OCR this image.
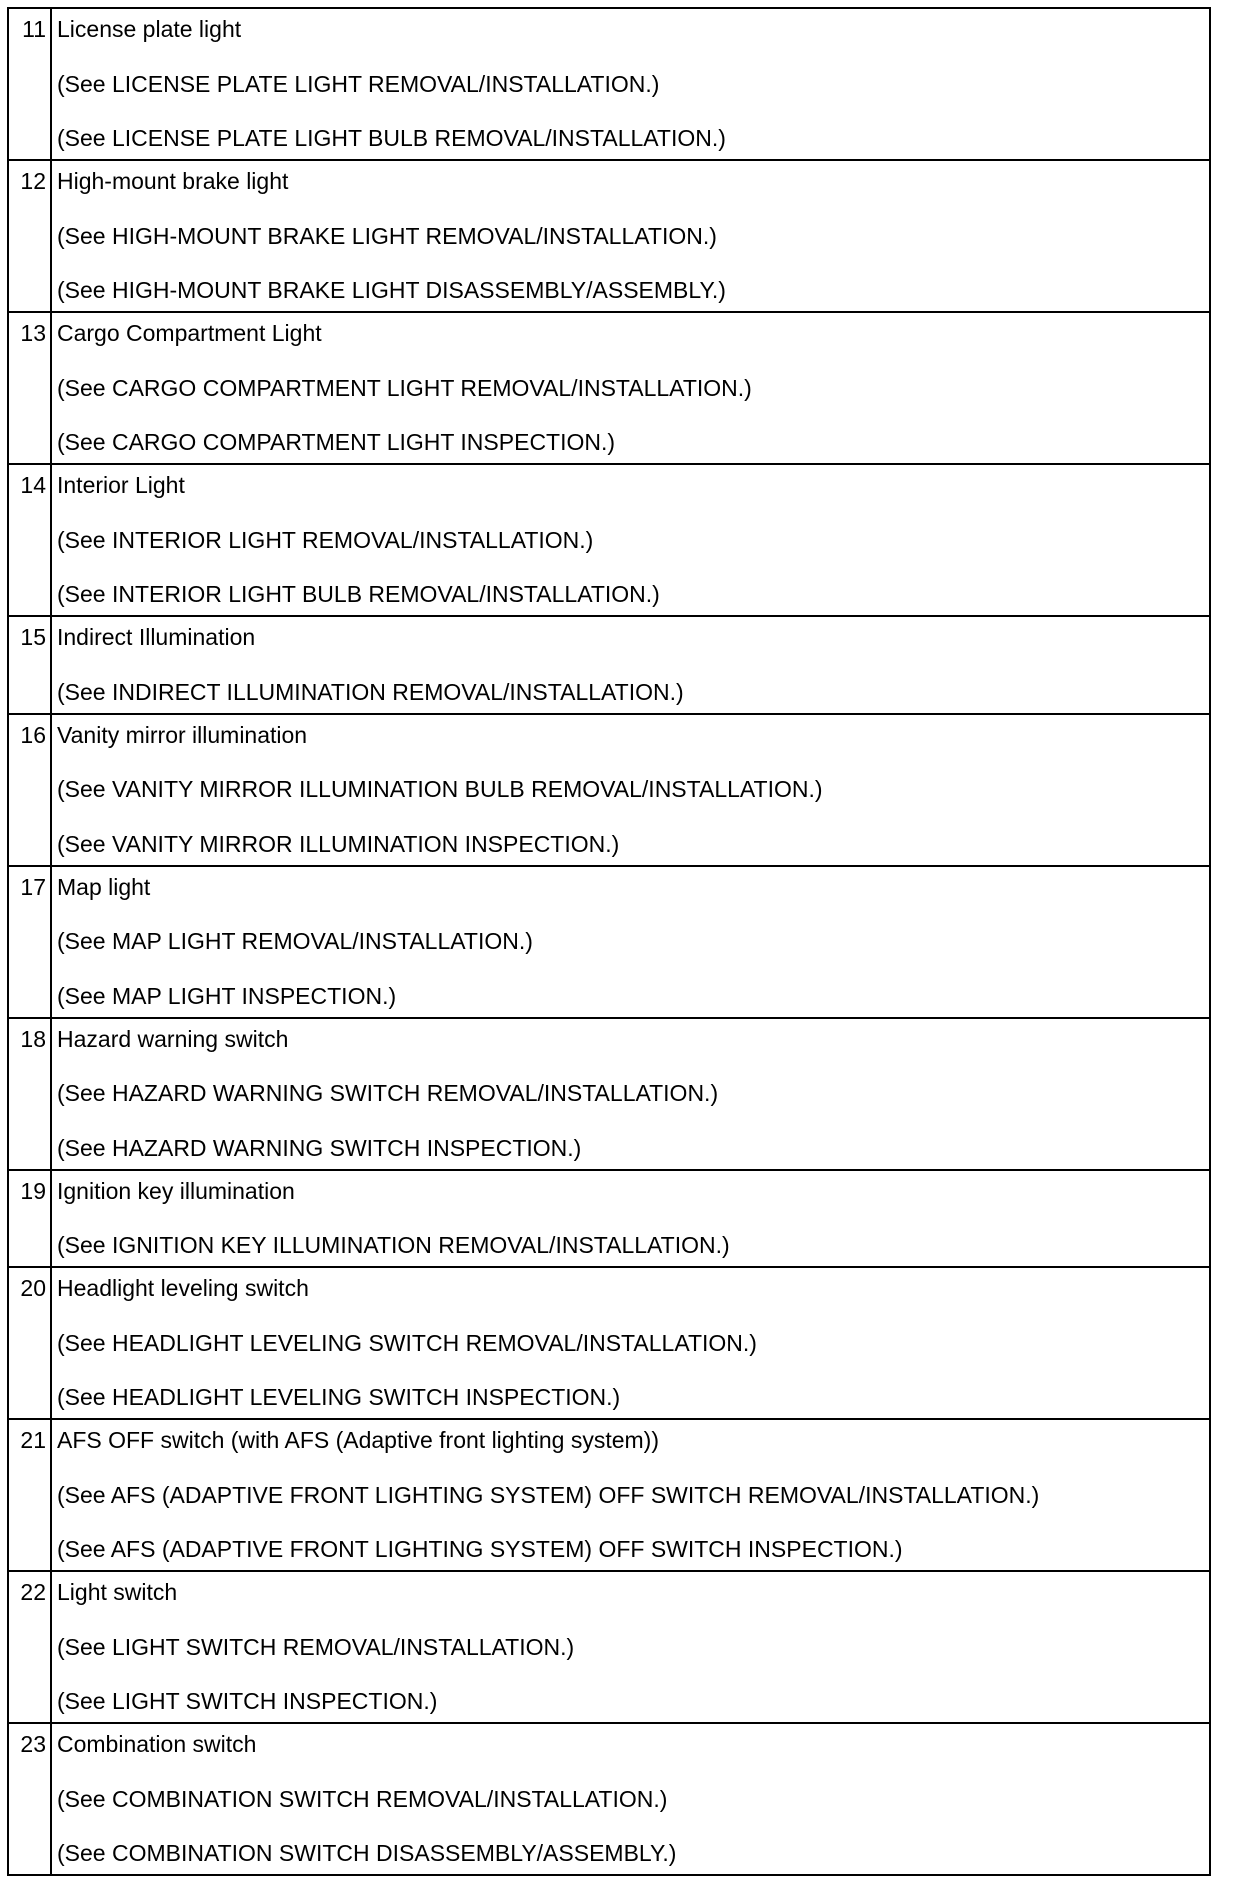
11	License plate light
(See LICENSE PLATE LIGHT REMOVAL/INSTALLATION.)
(See LICENSE PLATE LIGHT BULB REMOVAL/INSTALLATION.)

12	High-mount brake light
(See HIGH-MOUNT BRAKE LIGHT REMOVAL/INSTALLATION.)
(See HIGH-MOUNT BRAKE LIGHT DISASSEMBLY/ASSEMBLY.)

13	Cargo Compartment Light
(See CARGO COMPARTMENT LIGHT REMOVAL/INSTALLATION.)
(See CARGO COMPARTMENT LIGHT INSPECTION.)

14	Interior Light
(See INTERIOR LIGHT REMOVAL/INSTALLATION.)
(See INTERIOR LIGHT BULB REMOVAL/INSTALLATION.)

15	Indirect Illumination
(See INDIRECT ILLUMINATION REMOVAL/INSTALLATION.)

16	Vanity mirror illumination
(See VANITY MIRROR ILLUMINATION BULB REMOVAL/INSTALLATION.)
(See VANITY MIRROR ILLUMINATION INSPECTION.)

17	Map light
(See MAP LIGHT REMOVAL/INSTALLATION.)
(See MAP LIGHT INSPECTION.)

18	Hazard warning switch
(See HAZARD WARNING SWITCH REMOVAL/INSTALLATION.)
(See HAZARD WARNING SWITCH INSPECTION.)

19	Ignition key illumination
(See IGNITION KEY ILLUMINATION REMOVAL/INSTALLATION.)

20	Headlight leveling switch
(See HEADLIGHT LEVELING SWITCH REMOVAL/INSTALLATION.)
(See HEADLIGHT LEVELING SWITCH INSPECTION.)

21	AFS OFF switch (with AFS (Adaptive front lighting system))
(See AFS (ADAPTIVE FRONT LIGHTING SYSTEM) OFF SWITCH REMOVAL/INSTALLATION.)
(See AFS (ADAPTIVE FRONT LIGHTING SYSTEM) OFF SWITCH INSPECTION.)

22	Light switch
(See LIGHT SWITCH REMOVAL/INSTALLATION.)
(See LIGHT SWITCH INSPECTION.)

23	Combination switch
(See COMBINATION SWITCH REMOVAL/INSTALLATION.)
(See COMBINATION SWITCH DISASSEMBLY/ASSEMBLY.)
